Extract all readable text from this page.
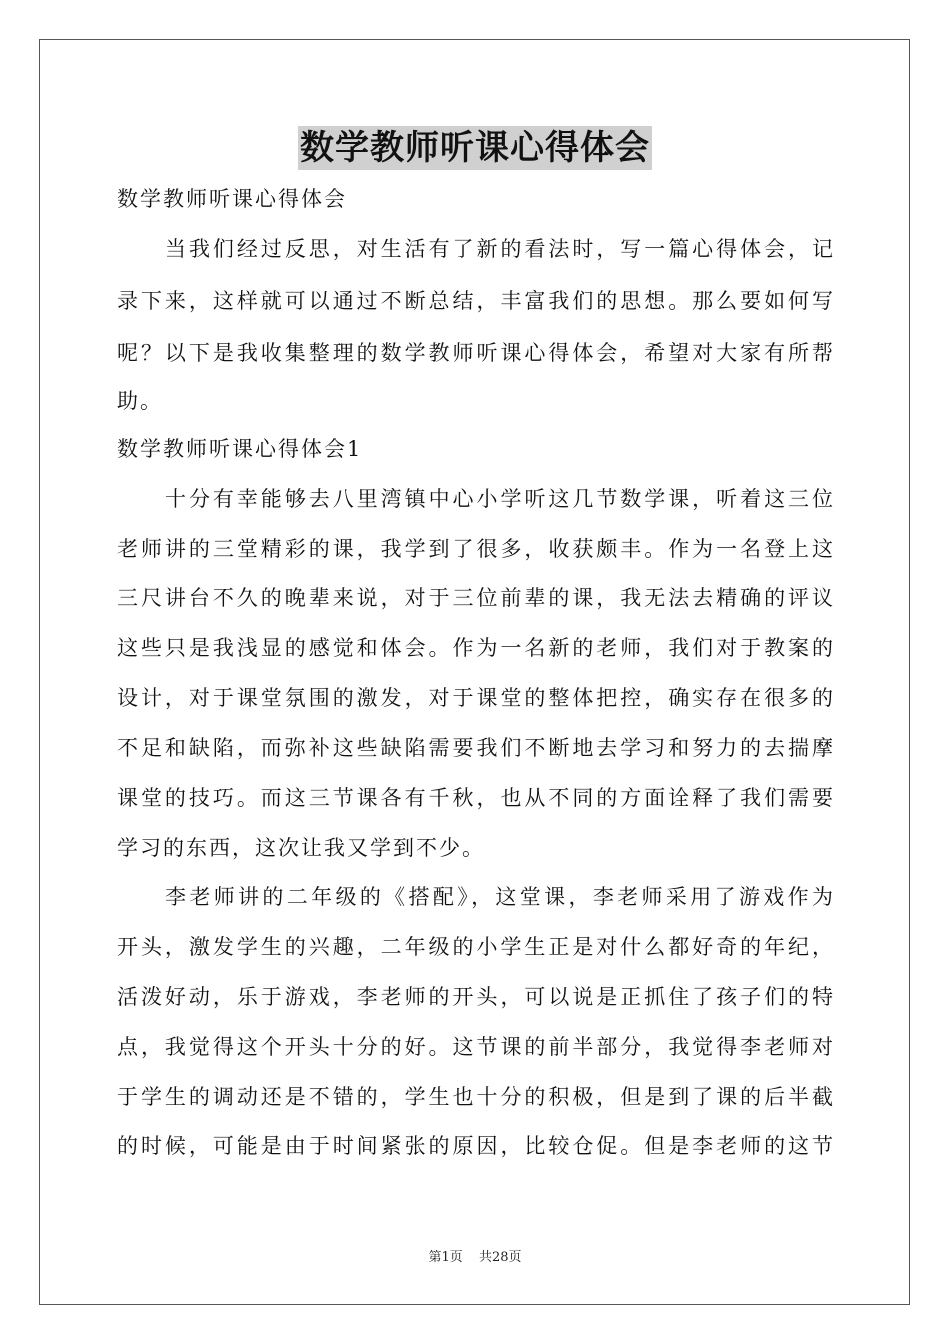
数学教师听课心得体会
数学教师听课心得体会
当我们经过反思，对生活有了新的看法时，写一篇心得体会，记
录下来，这样就可以通过不断总结，丰富我们的思想。那么要如何写
呢？以下是我收集整理的数学教师听课心得体会，希望对大家有所帮
助。
数学教师听课心得体会1
十分有幸能够去八里湾镇中心小学听这几节数学课，听着这三位
老师讲的三堂精彩的课，我学到了很多，收获颇丰。作为一名登上这
三尺讲台不久的晚辈来说，对于三位前辈的课，我无法去精确的评议
这些只是我浅显的感觉和体会。作为一名新的老师，我们对于教案的
设计，对于课堂氛围的激发，对于课堂的整体把控，确实存在很多的
不足和缺陷，而弥补这些缺陷需要我们不断地去学习和努力的去揣摩
课堂的技巧。而这三节课各有千秋，也从不同的方面诠释了我们需要
学习的东西，这次让我又学到不少。
李老师讲的二年级的《搭配》，这堂课，李老师采用了游戏作为
开头，激发学生的兴趣，二年级的小学生正是对什么都好奇的年纪，
活泼好动，乐于游戏，李老师的开头，可以说是正抓住了孩子们的特
点，我觉得这个开头十分的好。这节课的前半部分，我觉得李老师对
于学生的调动还是不错的，学生也十分的积极，但是到了课的后半截
的时候，可能是由于时间紧张的原因，比较仓促。但是李老师的这节
第1页 共28页
